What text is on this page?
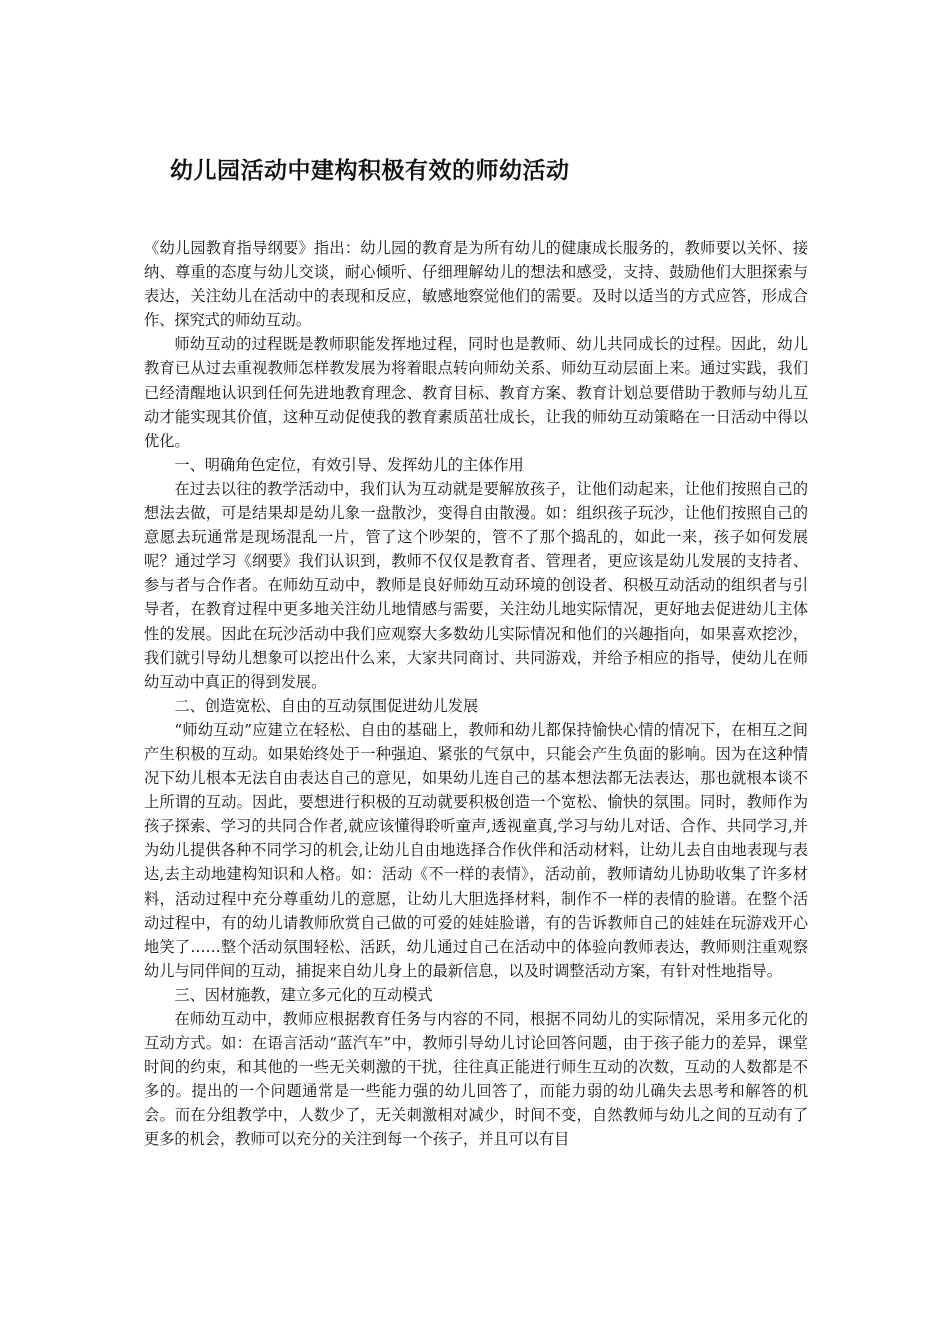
幼儿园活动中建构积极有效的师幼活动

《幼儿园教育指导纲要》指出：幼儿园的教育是为所有幼儿的健康成长服务的，教师要以关怀、接纳、尊重的态度与幼儿交谈，耐心倾听、仔细理解幼儿的想法和感受，支持、鼓励他们大胆探索与表达，关注幼儿在活动中的表现和反应，敏感地察觉他们的需要。及时以适当的方式应答，形成合作、探究式的师幼互动。

师幼互动的过程既是教师职能发挥地过程，同时也是教师、幼儿共同成长的过程。因此，幼儿教育已从过去重视教师怎样教发展为将着眼点转向师幼关系、师幼互动层面上来。通过实践，我们已经清醒地认识到任何先进地教育理念、教育目标、教育方案、教育计划总要借助于教师与幼儿互动才能实现其价值，这种互动促使我的教育素质茁壮成长，让我的师幼互动策略在一日活动中得以优化。

一、明确角色定位，有效引导、发挥幼儿的主体作用

在过去以往的教学活动中，我们认为互动就是要解放孩子，让他们动起来，让他们按照自己的想法去做，可是结果却是幼儿象一盘散沙，变得自由散漫。如：组织孩子玩沙，让他们按照自己的意愿去玩通常是现场混乱一片，管了这个吵架的，管不了那个捣乱的，如此一来，孩子如何发展呢？通过学习《纲要》我们认识到，教师不仅仅是教育者、管理者，更应该是幼儿发展的支持者、参与者与合作者。在师幼互动中，教师是良好师幼互动环境的创设者、积极互动活动的组织者与引导者，在教育过程中更多地关注幼儿地情感与需要，关注幼儿地实际情况，更好地去促进幼儿主体性的发展。因此在玩沙活动中我们应观察大多数幼儿实际情况和他们的兴趣指向，如果喜欢挖沙，我们就引导幼儿想象可以挖出什么来，大家共同商讨、共同游戏，并给予相应的指导，使幼儿在师幼互动中真正的得到发展。

二、创造宽松、自由的互动氛围促进幼儿发展

“师幼互动”应建立在轻松、自由的基础上，教师和幼儿都保持愉快心情的情况下，在相互之间产生积极的互动。如果始终处于一种强迫、紧张的气氛中，只能会产生负面的影响。因为在这种情况下幼儿根本无法自由表达自己的意见，如果幼儿连自己的基本想法都无法表达，那也就根本谈不上所谓的互动。因此，要想进行积极的互动就要积极创造一个宽松、愉快的氛围。同时，教师作为孩子探索、学习的共同合作者,就应该懂得聆听童声,透视童真,学习与幼儿对话、合作、共同学习,并为幼儿提供各种不同学习的机会,让幼儿自由地选择合作伙伴和活动材料，让幼儿去自由地表现与表达,去主动地建构知识和人格。如：活动《不一样的表情》，活动前，教师请幼儿协助收集了许多材料，活动过程中充分尊重幼儿的意愿，让幼儿大胆选择材料，制作不一样的表情的脸谱。在整个活动过程中，有的幼儿请教师欣赏自己做的可爱的娃娃脸谱，有的告诉教师自己的娃娃在玩游戏开心地笑了……整个活动氛围轻松、活跃，幼儿通过自己在活动中的体验向教师表达，教师则注重观察幼儿与同伴间的互动，捕捉来自幼儿身上的最新信息，以及时调整活动方案，有针对性地指导。

三、因材施教，建立多元化的互动模式

在师幼互动中，教师应根据教育任务与内容的不同，根据不同幼儿的实际情况，采用多元化的互动方式。如：在语言活动“蓝汽车”中，教师引导幼儿讨论回答问题，由于孩子能力的差异，课堂时间的约束，和其他的一些无关刺激的干扰，往往真正能进行师生互动的次数，互动的人数都是不多的。提出的一个问题通常是一些能力强的幼儿回答了，而能力弱的幼儿确失去思考和解答的机会。而在分组教学中，人数少了，无关刺激相对减少，时间不变，自然教师与幼儿之间的互动有了更多的机会，教师可以充分的关注到每一个孩子，并且可以有目
